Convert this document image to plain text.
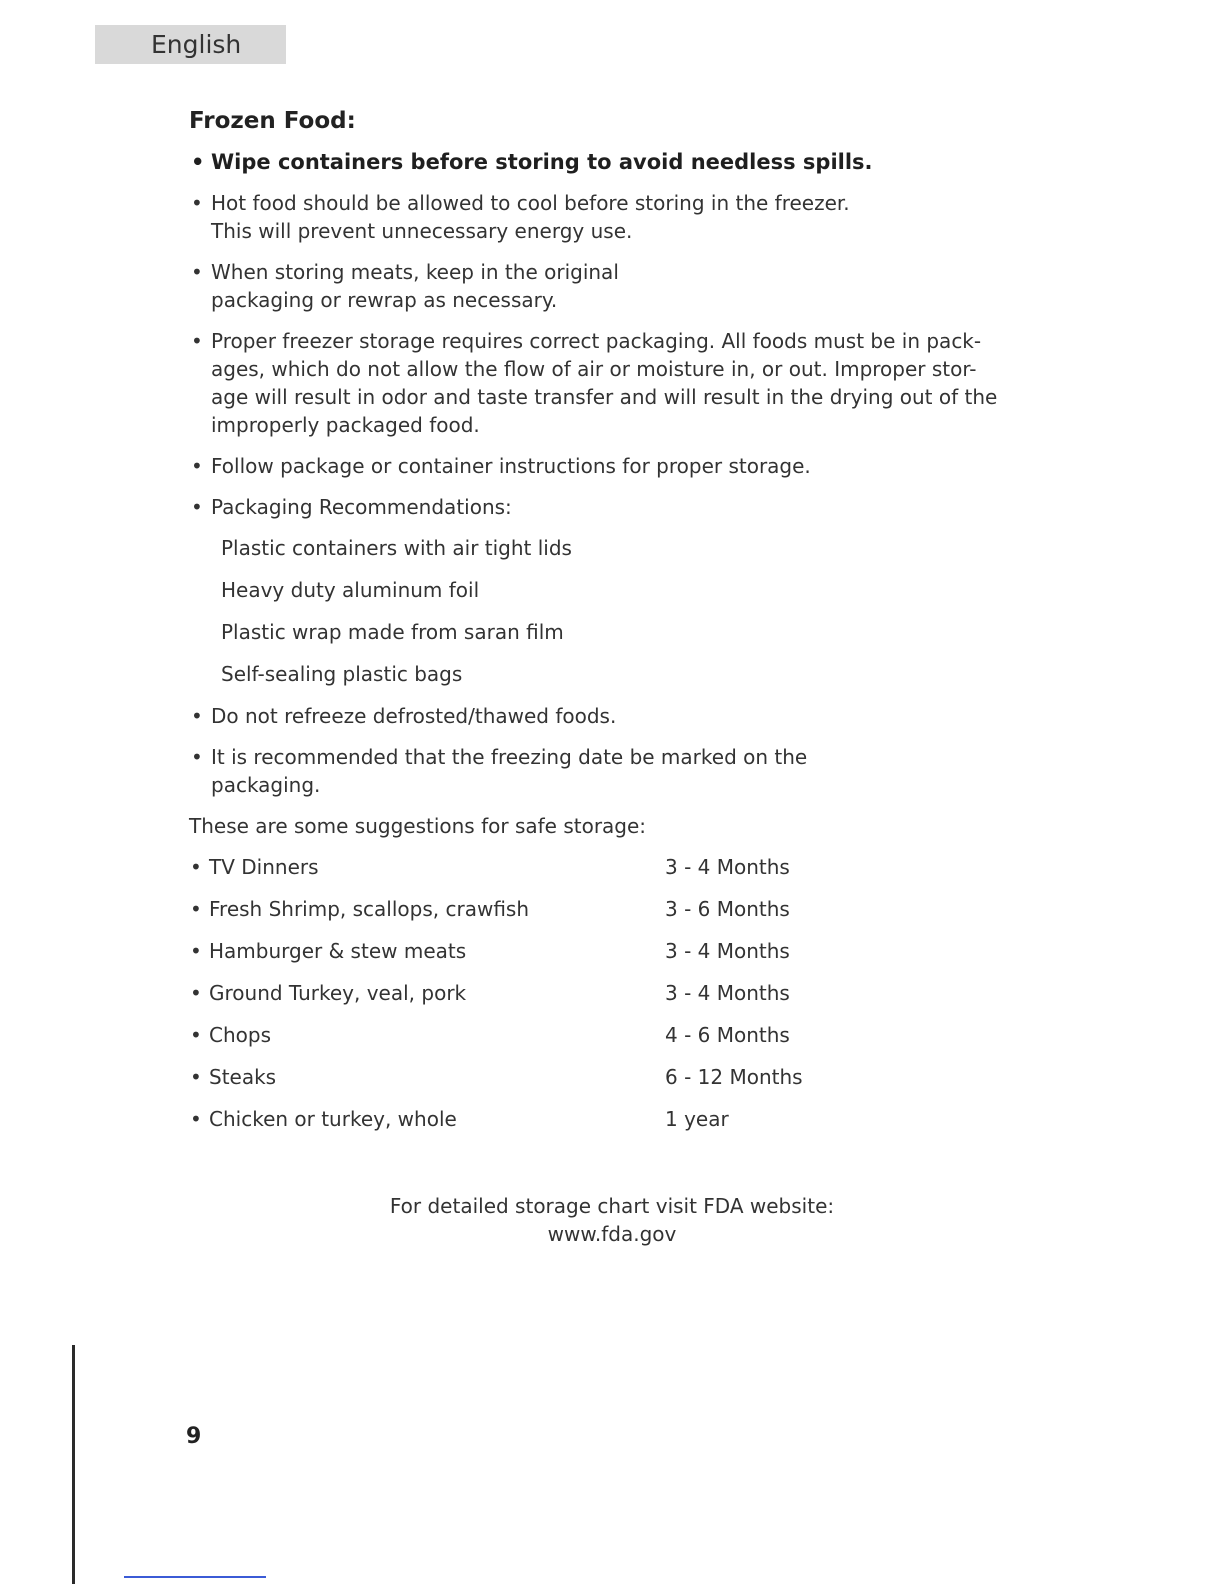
English
Frozen Food:
• Wipe containers before storing to avoid needless spills.
• Hot food should be allowed to cool before storing in the freezer.
This will prevent unnecessary energy use.
• When storing meats, keep in the original
packaging or rewrap as necessary.
• Proper freezer storage requires correct packaging. All foods must be in pack-
ages, which do not allow the flow of air or moisture in, or out. Improper stor-
age will result in odor and taste transfer and will result in the drying out of the
improperly packaged food.
• Follow package or container instructions for proper storage.
• Packaging Recommendations:
Plastic containers with air tight lids
Heavy duty aluminum foil
Plastic wrap made from saran film
Self-sealing plastic bags
• Do not refreeze defrosted/thawed foods.
• It is recommended that the freezing date be marked on the
packaging.
These are some suggestions for safe storage:
• TV Dinners	3 - 4 Months
• Fresh Shrimp, scallops, crawfish	3 - 6 Months
• Hamburger & stew meats	3 - 4 Months
• Ground Turkey, veal, pork	3 - 4 Months
• Chops	4 - 6 Months
• Steaks	6 - 12 Months
• Chicken or turkey, whole	1 year
For detailed storage chart visit FDA website:
www.fda.gov
9
